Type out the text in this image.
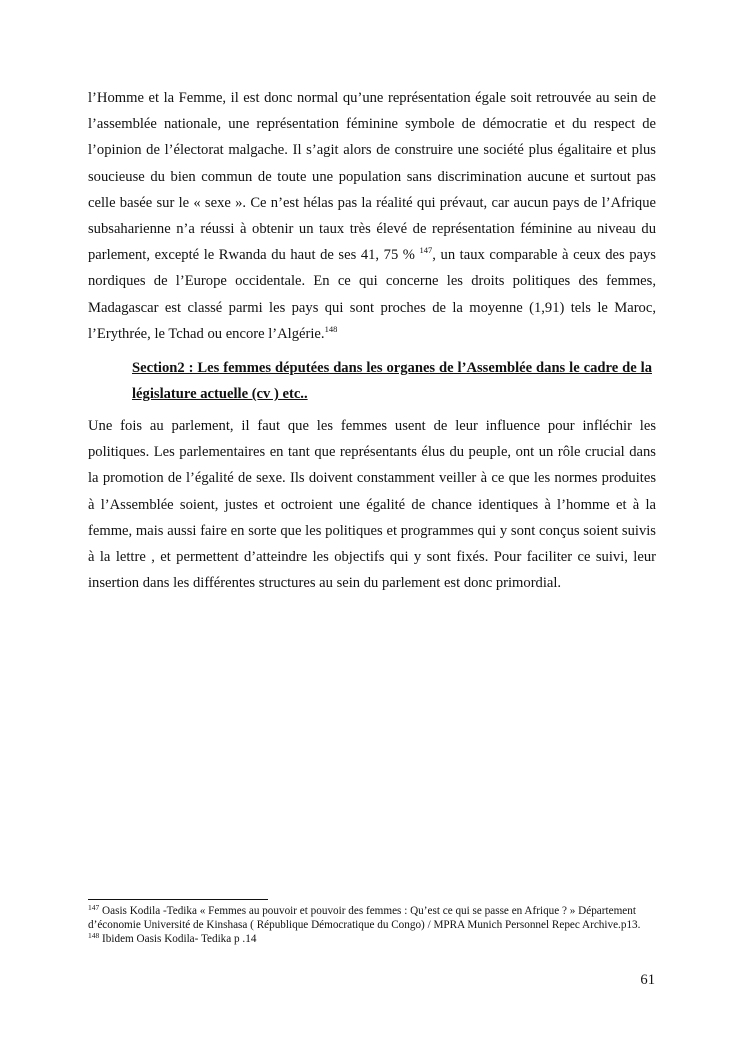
l’Homme et la Femme, il est donc normal qu’une représentation égale soit retrouvée au sein de l’assemblée nationale, une représentation féminine symbole de démocratie et du respect de l’opinion de l’électorat malgache. Il s’agit alors de construire une société plus égalitaire et plus soucieuse du bien commun de toute une population sans discrimination aucune et surtout pas celle basée sur le « sexe ». Ce n’est hélas pas la réalité qui prévaut, car aucun pays de l’Afrique subsaharienne n’a réussi à obtenir un taux très élevé de représentation féminine au niveau du parlement, excepté le Rwanda du haut de ses 41, 75 % $^{147}$, un taux comparable à ceux des pays nordiques de l’Europe occidentale. En ce qui concerne les droits politiques des femmes, Madagascar est classé parmi les pays qui sont proches de la moyenne (1,91) tels le Maroc, l’Erythrée, le Tchad ou encore l’Algérie.$^{148}$

Section2 : Les femmes députées dans les organes de l’Assemblée dans le cadre de la législature actuelle (cv ) etc..

Une fois au parlement, il faut que les femmes usent de leur influence pour infléchir les politiques. Les parlementaires en tant que représentants élus du peuple, ont un rôle crucial dans la promotion de l’égalité de sexe. Ils doivent constamment veiller à ce que les normes produites à l’Assemblée soient, justes et octroient une égalité de chance identiques à l’homme et à la femme, mais aussi faire en sorte que les politiques et programmes qui y sont conçus soient suivis à la lettre , et permettent d’atteindre les objectifs qui y sont fixés. Pour faciliter ce suivi, leur insertion dans les différentes structures au sein du parlement est donc primordial.

$^{147}$ Oasis Kodila -Tedika « Femmes au pouvoir et pouvoir des femmes : Qu’est ce qui se passe en Afrique ? » Département d’économie Université de Kinshasa ( République Démocratique du Congo) / MPRA Munich Personnel Repec Archive.p13.
$^{148}$ Ibidem Oasis Kodila- Tedika p .14
61
